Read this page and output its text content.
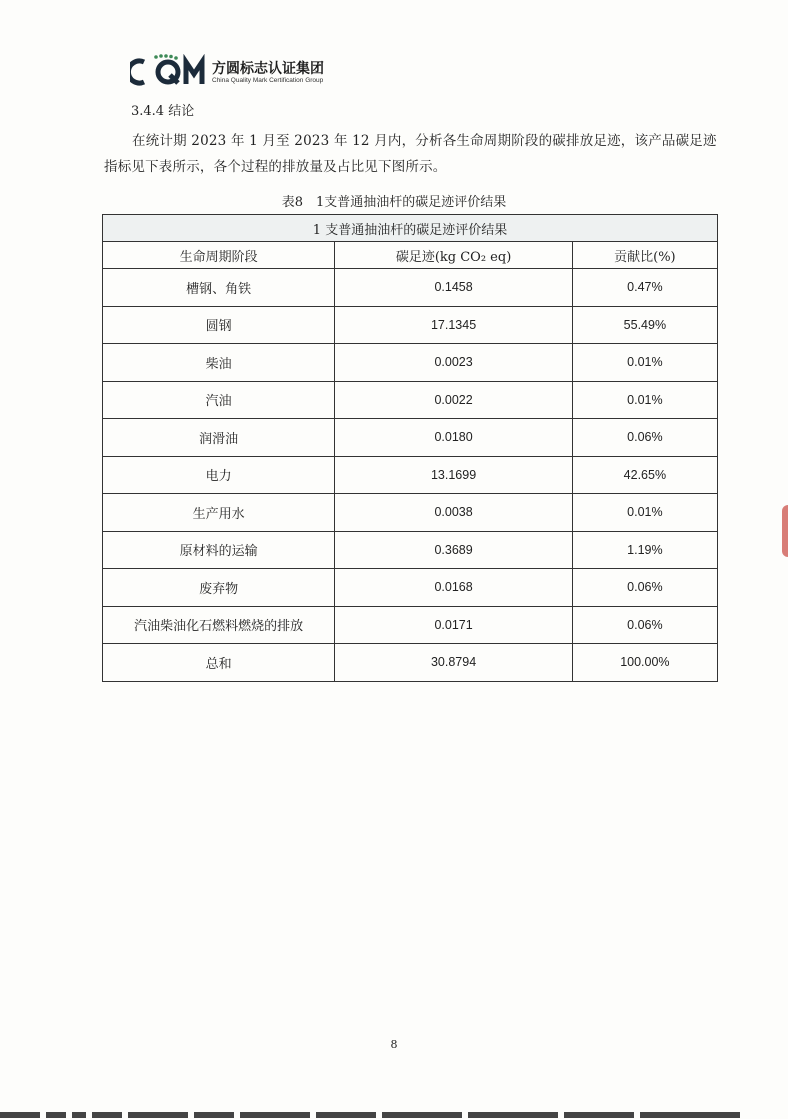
方圆标志认证集团
China Quality Mark Certification Group
3.4.4 结论
在统计期 2023 年 1 月至 2023 年 12 月内，分析各生命周期阶段的碳排放足迹，该产品碳足迹指标见下表所示，各个过程的排放量及占比见下图所示。
表8　1支普通抽油杆的碳足迹评价结果
1 支普通抽油杆的碳足迹评价结果		
生命周期阶段	碳足迹(kg CO₂ eq)	贡献比(%)
槽钢、角铁	0.1458	0.47%
圆钢	17.1345	55.49%
柴油	0.0023	0.01%
汽油	0.0022	0.01%
润滑油	0.0180	0.06%
电力	13.1699	42.65%
生产用水	0.0038	0.01%
原材料的运输	0.3689	1.19%
废弃物	0.0168	0.06%
汽油柴油化石燃料燃烧的排放	0.0171	0.06%
总和	30.8794	100.00%
8
